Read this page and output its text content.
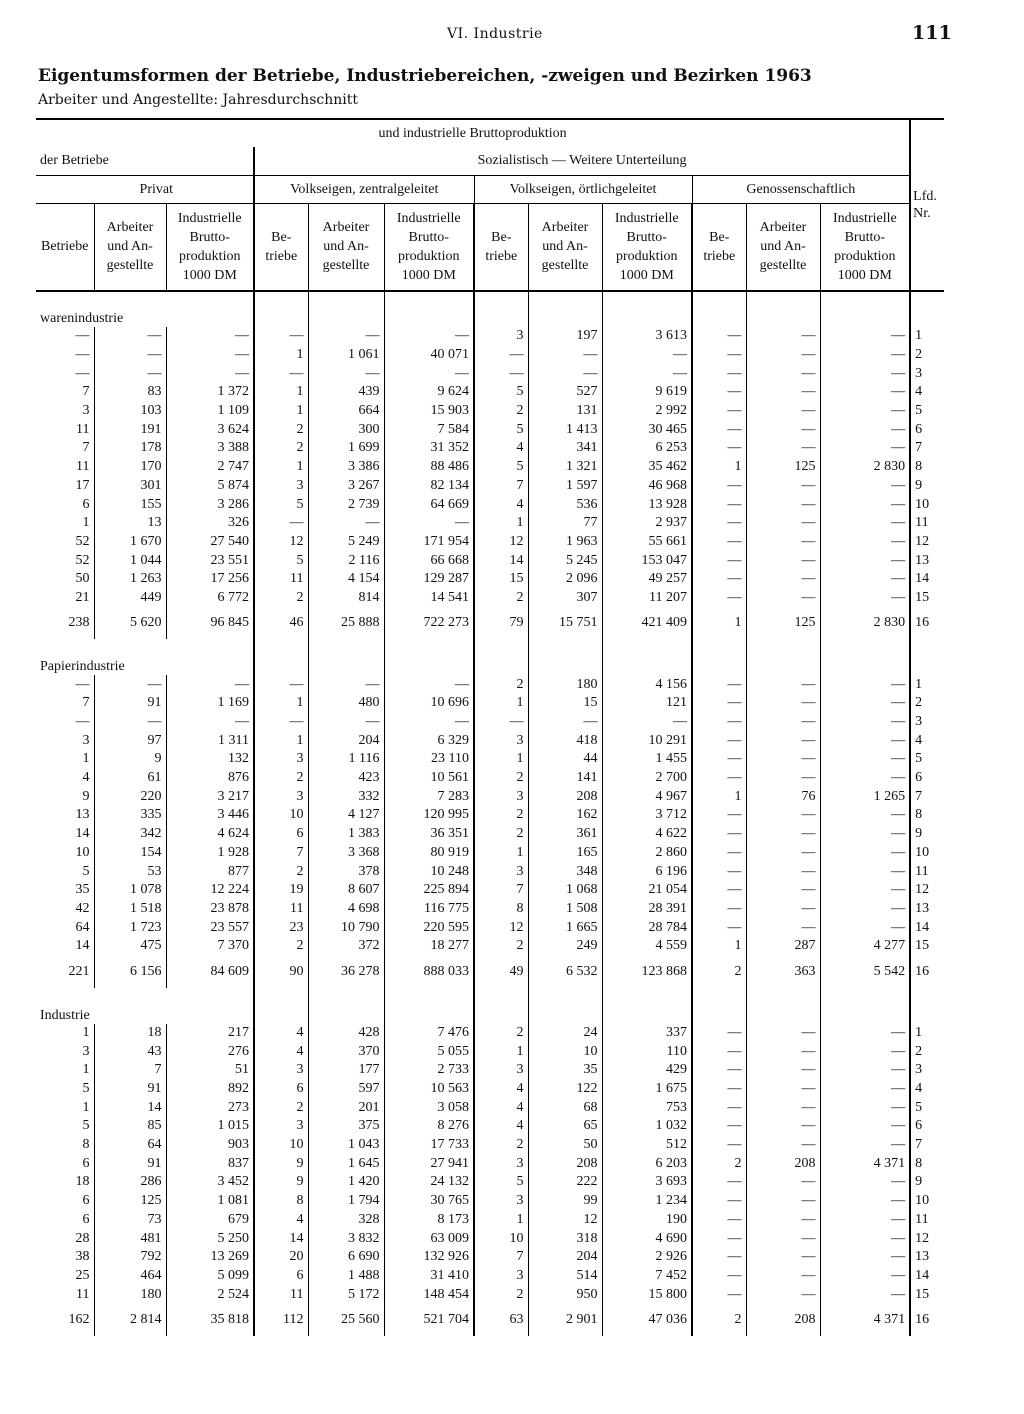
VI. Industrie	111
Eigentumsformen der Betriebe, Industriebereichen, -zweigen und Bezirken 1963
Arbeiter und Angestellte: Jahresdurchschnitt
und industrielle Bruttoproduktion												Lfd. Nr.
der Betriebe			Sozialistisch — Weitere Unterteilung									
Privat			Volkseigen, zentralgeleitet			Volkseigen, örtlichgeleitet			Genossenschaftlich			
Betriebe	Arbeiter und Angestellte	Industrielle Bruttoproduktion 1000 DM	Betriebe	Arbeiter und Angestellte	Industrielle Bruttoproduktion 1000 DM	Betriebe	Arbeiter und Angestellte	Industrielle Bruttoproduktion 1000 DM	Betriebe	Arbeiter und Angestellte	Industrielle Bruttoproduktion 1000 DM	
warenindustrie												
—	—	—	—	—	—	3	197	3 613	—	—	—	1
—	—	—	1	1 061	40 071	—	—	—	—	—	—	2
—	—	—	—	—	—	—	—	—	—	—	—	3
7	83	1 372	1	439	9 624	5	527	9 619	—	—	—	4
3	103	1 109	1	664	15 903	2	131	2 992	—	—	—	5
11	191	3 624	2	300	7 584	5	1 413	30 465	—	—	—	6
7	178	3 388	2	1 699	31 352	4	341	6 253	—	—	—	7
11	170	2 747	1	3 386	88 486	5	1 321	35 462	1	125	2 830	8
17	301	5 874	3	3 267	82 134	7	1 597	46 968	—	—	—	9
6	155	3 286	5	2 739	64 669	4	536	13 928	—	—	—	10
1	13	326	—	—	—	1	77	2 937	—	—	—	11
52	1 670	27 540	12	5 249	171 954	12	1 963	55 661	—	—	—	12
52	1 044	23 551	5	2 116	66 668	14	5 245	153 047	—	—	—	13
50	1 263	17 256	11	4 154	129 287	15	2 096	49 257	—	—	—	14
21	449	6 772	2	814	14 541	2	307	11 207	—	—	—	15
238	5 620	96 845	46	25 888	722 273	79	15 751	421 409	1	125	2 830	16
Papierindustrie												
—	—	—	—	—	—	2	180	4 156	—	—	—	1
7	91	1 169	1	480	10 696	1	15	121	—	—	—	2
—	—	—	—	—	—	—	—	—	—	—	—	3
3	97	1 311	1	204	6 329	3	418	10 291	—	—	—	4
1	9	132	3	1 116	23 110	1	44	1 455	—	—	—	5
4	61	876	2	423	10 561	2	141	2 700	—	—	—	6
9	220	3 217	3	332	7 283	3	208	4 967	1	76	1 265	7
13	335	3 446	10	4 127	120 995	2	162	3 712	—	—	—	8
14	342	4 624	6	1 383	36 351	2	361	4 622	—	—	—	9
10	154	1 928	7	3 368	80 919	1	165	2 860	—	—	—	10
5	53	877	2	378	10 248	3	348	6 196	—	—	—	11
35	1 078	12 224	19	8 607	225 894	7	1 068	21 054	—	—	—	12
42	1 518	23 878	11	4 698	116 775	8	1 508	28 391	—	—	—	13
64	1 723	23 557	23	10 790	220 595	12	1 665	28 784	—	—	—	14
14	475	7 370	2	372	18 277	2	249	4 559	1	287	4 277	15
221	6 156	84 609	90	36 278	888 033	49	6 532	123 868	2	363	5 542	16
Industrie												
1	18	217	4	428	7 476	2	24	337	—	—	—	1
3	43	276	4	370	5 055	1	10	110	—	—	—	2
1	7	51	3	177	2 733	3	35	429	—	—	—	3
5	91	892	6	597	10 563	4	122	1 675	—	—	—	4
1	14	273	2	201	3 058	4	68	753	—	—	—	5
5	85	1 015	3	375	8 276	4	65	1 032	—	—	—	6
8	64	903	10	1 043	17 733	2	50	512	—	—	—	7
6	91	837	9	1 645	27 941	3	208	6 203	2	208	4 371	8
18	286	3 452	9	1 420	24 132	5	222	3 693	—	—	—	9
6	125	1 081	8	1 794	30 765	3	99	1 234	—	—	—	10
6	73	679	4	328	8 173	1	12	190	—	—	—	11
28	481	5 250	14	3 832	63 009	10	318	4 690	—	—	—	12
38	792	13 269	20	6 690	132 926	7	204	2 926	—	—	—	13
25	464	5 099	6	1 488	31 410	3	514	7 452	—	—	—	14
11	180	2 524	11	5 172	148 454	2	950	15 800	—	—	—	15
162	2 814	35 818	112	25 560	521 704	63	2 901	47 036	2	208	4 371	16
